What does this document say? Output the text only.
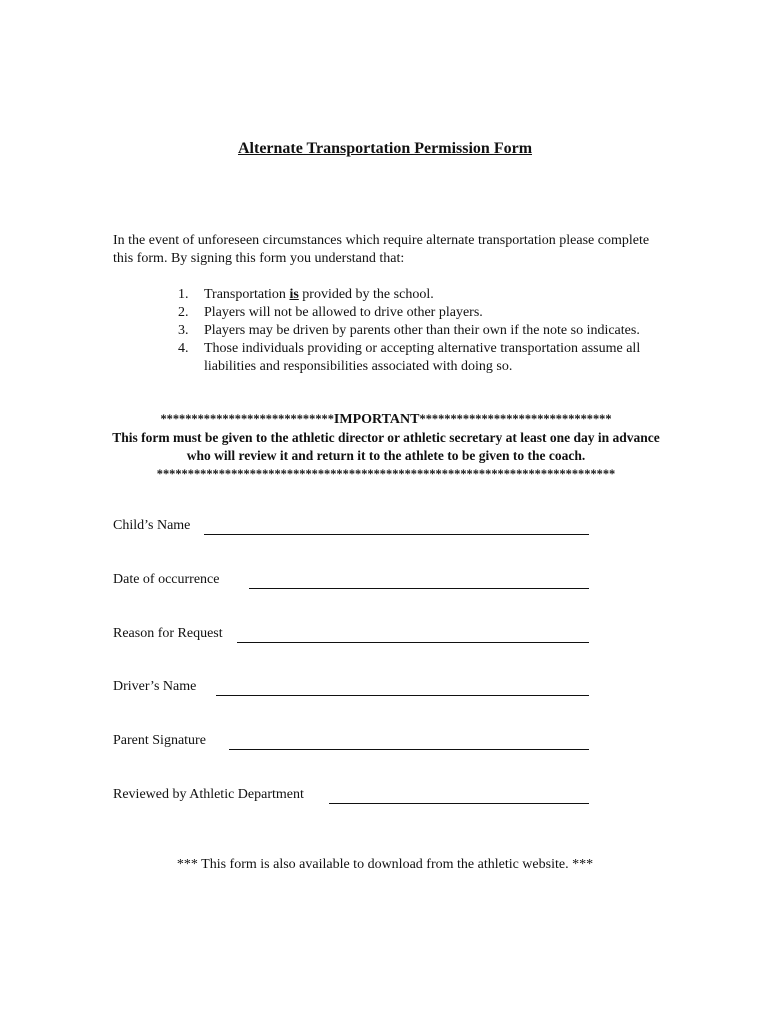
Alternate Transportation Permission Form
In the event of unforeseen circumstances which require alternate transportation please complete this form. By signing this form you understand that:
1. Transportation is provided by the school.
2. Players will not be allowed to drive other players.
3. Players may be driven by parents other than their own if the note so indicates.
4. Those individuals providing or accepting alternative transportation assume all liabilities and responsibilities associated with doing so.
****************************IMPORTANT*******************************
This form must be given to the athletic director or athletic secretary at least one day in advance who will review it and return it to the athlete to be given to the coach.
**************************************************************************
Child’s Name
Date of occurrence
Reason for Request
Driver’s Name
Parent Signature
Reviewed by Athletic Department
*** This form is also available to download from the athletic website. ***
